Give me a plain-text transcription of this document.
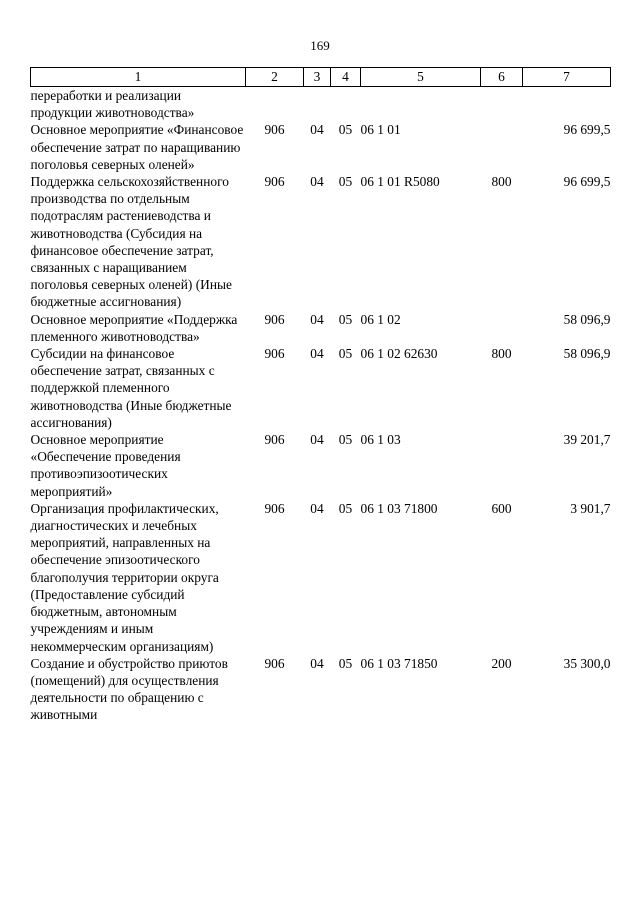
169
1	2	3	4	5	6	7
переработки и реализации продукции животноводства»						
Основное мероприятие «Финансовое обеспечение затрат по наращиванию поголовья северных оленей»	906	04	05	06 1 01		96 699,5
Поддержка сельскохозяйственного производства по отдельным подотраслям растениеводства и животноводства (Субсидия на финансовое обеспечение затрат, связанных с наращиванием поголовья северных оленей) (Иные бюджетные ассигнования)	906	04	05	06 1 01 R5080	800	96 699,5
Основное мероприятие «Поддержка племенного животноводства»	906	04	05	06 1 02		58 096,9
Субсидии на финансовое обеспечение затрат, связанных с поддержкой племенного животноводства (Иные бюджетные ассигнования)	906	04	05	06 1 02 62630	800	58 096,9
Основное мероприятие «Обеспечение проведения противоэпизоотических мероприятий»	906	04	05	06 1 03		39 201,7
Организация профилактических, диагностических и лечебных мероприятий, направленных на обеспечение эпизоотического благополучия территории округа (Предоставление субсидий бюджетным, автономным учреждениям и иным некоммерческим организациям)	906	04	05	06 1 03 71800	600	3 901,7
Создание и обустройство приютов (помещений) для осуществления деятельности по обращению с животными	906	04	05	06 1 03 71850	200	35 300,0
